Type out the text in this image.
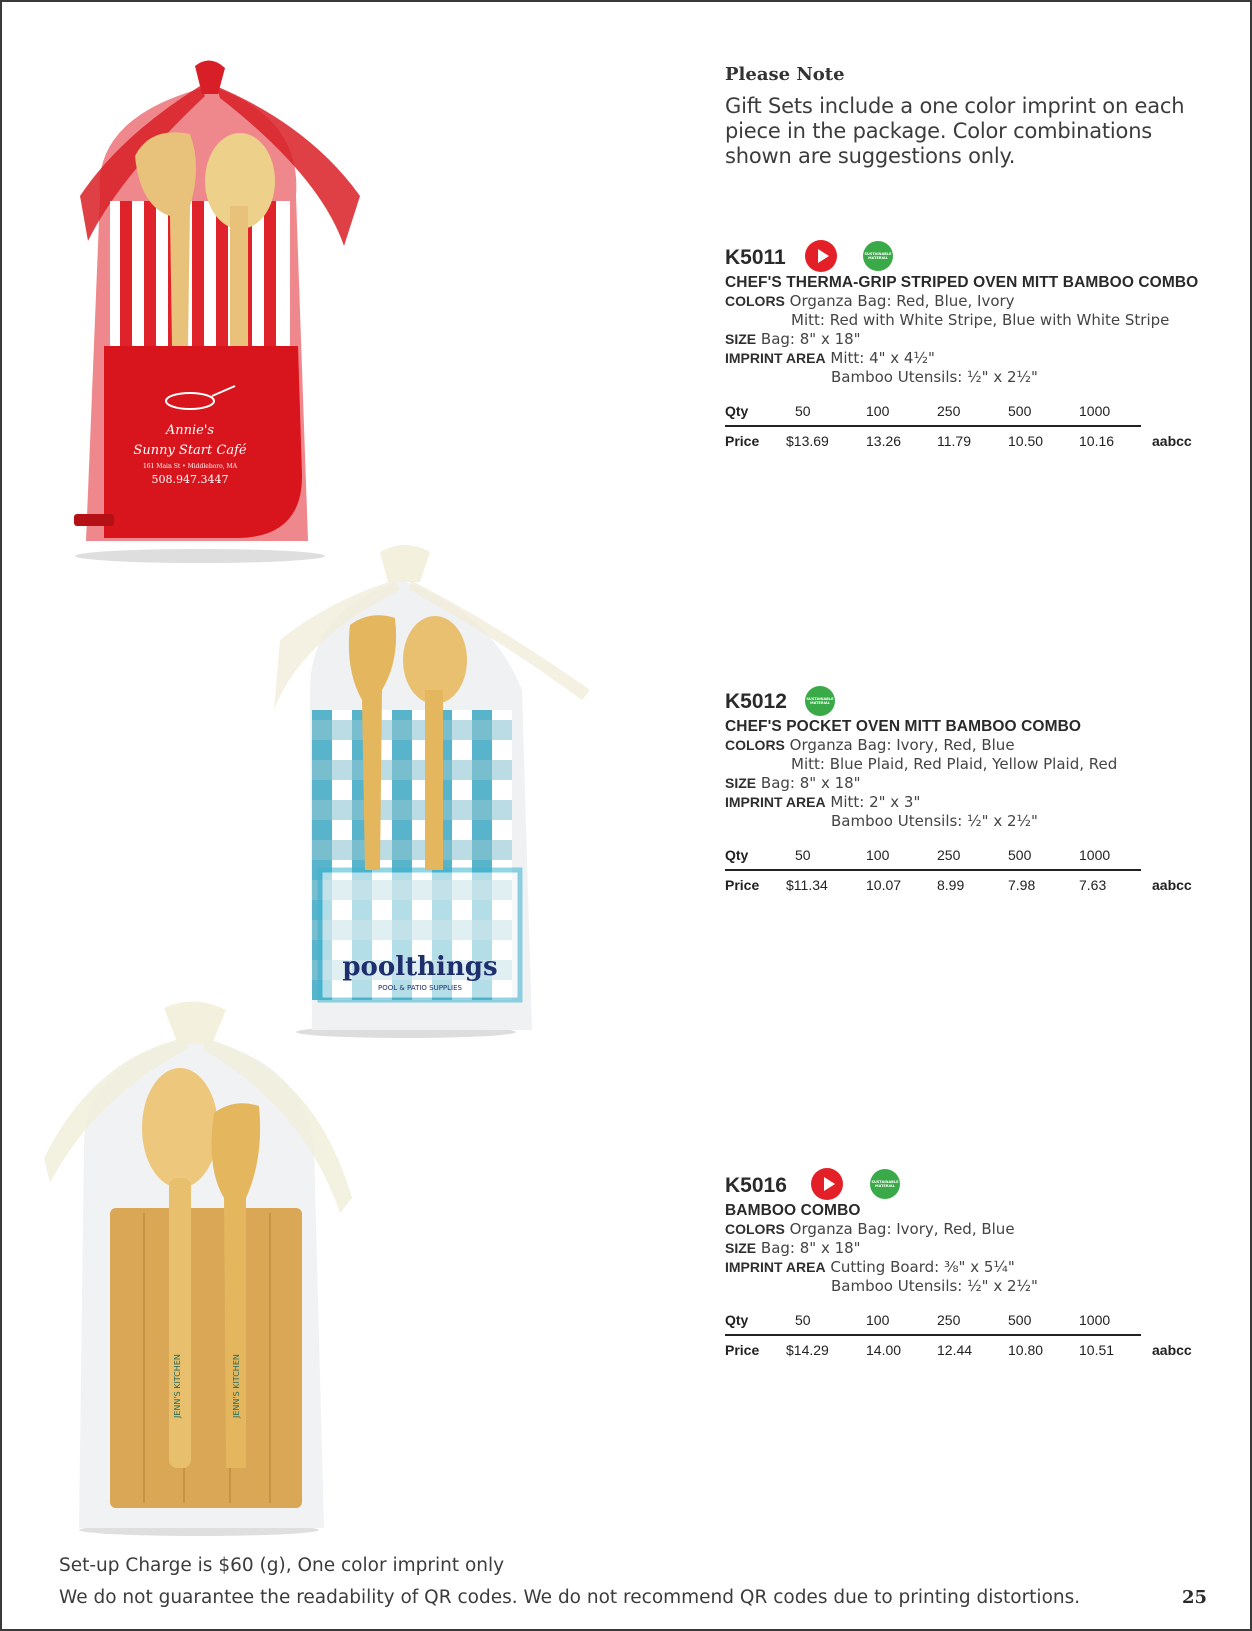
Annie's
Sunny Start Café
161 Main St • Middleboro, MA
508.947.3447
poolthings
POOL & PATIO SUPPLIES
JENN'S KITCHEN	JENN'S KITCHEN
Please Note
Gift Sets include a one color imprint on each piece in the package. Color combinations shown are suggestions only.
K5011	SUSTAINABLE MATERIAL
CHEF'S THERMA-GRIP STRIPED OVEN MITT BAMBOO COMBO
COLORS Organza Bag: Red, Blue, Ivory
Mitt: Red with White Stripe, Blue with White Stripe
SIZE Bag: 8" x 18"
IMPRINT AREA Mitt: 4" x 4½"
Bamboo Utensils: ½" x 2½"
Qty	50	100	250	500	1000
Price $13.69	13.26	11.79	10.50	10.16	aabcc
K5012	SUSTAINABLE MATERIAL
CHEF'S POCKET OVEN MITT BAMBOO COMBO
COLORS Organza Bag: Ivory, Red, Blue
Mitt: Blue Plaid, Red Plaid, Yellow Plaid, Red
SIZE Bag: 8" x 18"
IMPRINT AREA Mitt: 2" x 3"
Bamboo Utensils: ½" x 2½"
Qty	50	100	250	500	1000
Price $11.34	10.07	8.99	7.98	7.63	aabcc
K5016	SUSTAINABLE MATERIAL
BAMBOO COMBO
COLORS Organza Bag: Ivory, Red, Blue
SIZE Bag: 8" x 18"
IMPRINT AREA Cutting Board: ⅜" x 5¼"
Bamboo Utensils: ½" x 2½"
Qty	50	100	250	500	1000
Price $14.29	14.00	12.44	10.80	10.51	aabcc
Set-up Charge is $60 (g), One color imprint only
We do not guarantee the readability of QR codes. We do not recommend QR codes due to printing distortions.	25
